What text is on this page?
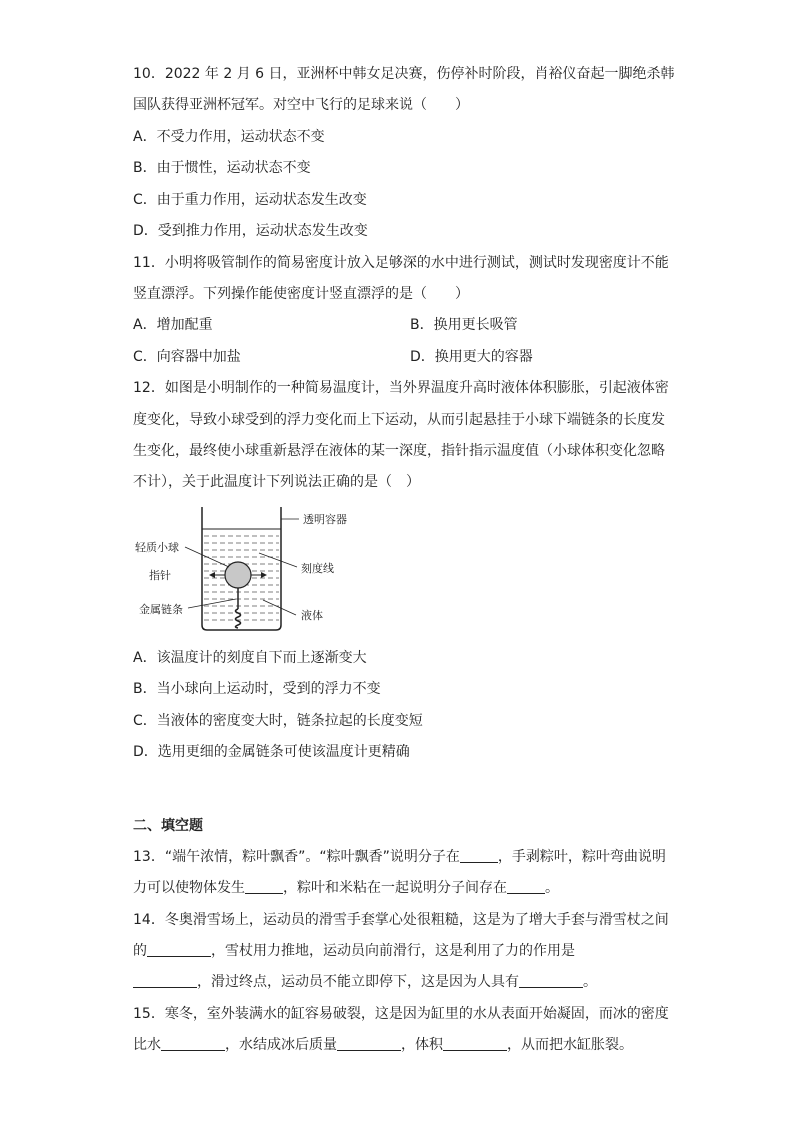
10．2022 年 2 月 6 日，亚洲杯中韩女足决赛，伤停补时阶段，肖裕仪奋起一脚绝杀韩
国队获得亚洲杯冠军。对空中飞行的足球来说（　　）
A．不受力作用，运动状态不变
B．由于惯性，运动状态不变
C．由于重力作用，运动状态发生改变
D．受到推力作用，运动状态发生改变
11．小明将吸管制作的简易密度计放入足够深的水中进行测试，测试时发现密度计不能
竖直漂浮。下列操作能使密度计竖直漂浮的是（　　）
A．增加配重	B．换用更长吸管
C．向容器中加盐	D．换用更大的容器
12．如图是小明制作的一种简易温度计，当外界温度升高时液体体积膨胀，引起液体密
度变化，导致小球受到的浮力变化而上下运动，从而引起悬挂于小球下端链条的长度发
生变化，最终使小球重新悬浮在液体的某一深度，指针指示温度值（小球体积变化忽略
不计），关于此温度计下列说法正确的是（　）
透明容器
轻质小球
指针
刻度线
金属链条	液体
A．该温度计的刻度自下而上逐渐变大
B．当小球向上运动时，受到的浮力不变
C．当液体的密度变大时，链条拉起的长度变短
D．选用更细的金属链条可使该温度计更精确
二、填空题
13．“端午浓情，粽叶飘香”。“粽叶飘香”说明分子在	，手剥粽叶，粽叶弯曲说明
力可以使物体发生	，粽叶和米粘在一起说明分子间存在	。
14．冬奥滑雪场上，运动员的滑雪手套掌心处很粗糙，这是为了增大手套与滑雪杖之间
的	，雪杖用力推地，运动员向前滑行，这是利用了力的作用是
，滑过终点，运动员不能立即停下，这是因为人具有	。
15．寒冬，室外装满水的缸容易破裂，这是因为缸里的水从表面开始凝固，而冰的密度
比水	，水结成冰后质量	，体积	，从而把水缸胀裂。
